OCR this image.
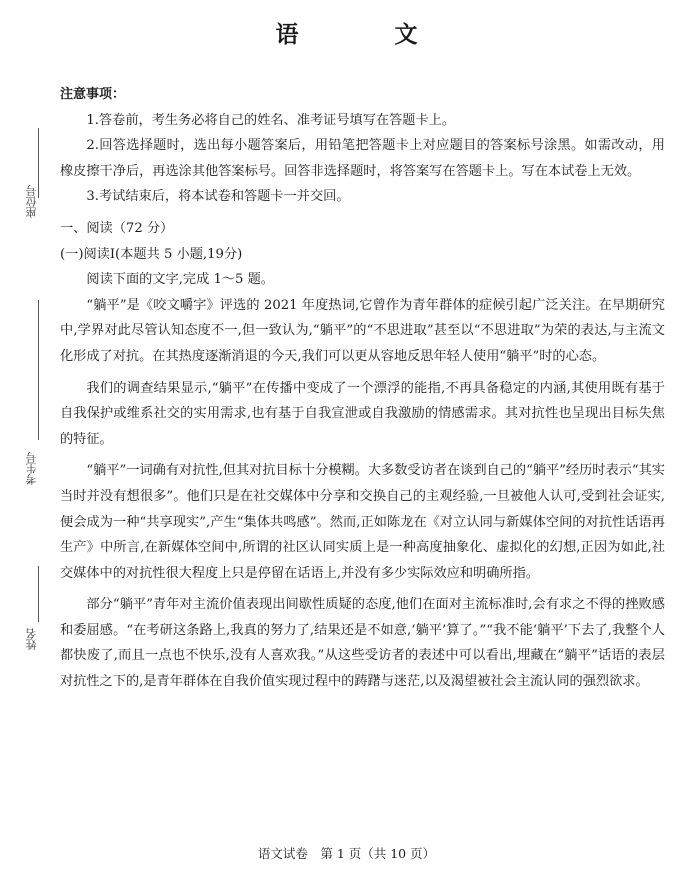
语 文
座位号
考生号
姓名

注意事项：

1.答卷前，考生务必将自己的姓名、准考证号填写在答题卡上。

2.回答选择题时，选出每小题答案后，用铅笔把答题卡上对应题目的答案标号涂黑。如需改动，用橡皮擦干净后，再选涂其他答案标号。回答非选择题时，将答案写在答题卡上。写在本试卷上无效。

3.考试结束后，将本试卷和答题卡一并交回。

一、阅读（72 分）

(一)阅读Ⅰ(本题共 5 小题,19分)

阅读下面的文字,完成 1～5 题。

“躺平”是《咬文嚼字》评选的 2021 年度热词,它曾作为青年群体的症候引起广泛关注。在早期研究中,学界对此尽管认知态度不一,但一致认为,“躺平”的“不思进取”甚至以“不思进取”为荣的表达,与主流文化形成了对抗。在其热度逐渐消退的今天,我们可以更从容地反思年轻人使用“躺平”时的心态。

我们的调查结果显示,“躺平”在传播中变成了一个漂浮的能指,不再具备稳定的内涵,其使用既有基于自我保护或维系社交的实用需求,也有基于自我宣泄或自我激励的情感需求。其对抗性也呈现出目标失焦的特征。

“躺平”一词确有对抗性,但其对抗目标十分模糊。大多数受访者在谈到自己的“躺平”经历时表示“其实当时并没有想很多”。他们只是在社交媒体中分享和交换自己的主观经验,一旦被他人认可,受到社会证实,便会成为一种“共享现实”,产生“集体共鸣感”。然而,正如陈龙在《对立认同与新媒体空间的对抗性话语再生产》中所言,在新媒体空间中,所谓的社区认同实质上是一种高度抽象化、虚拟化的幻想,正因为如此,社交媒体中的对抗性很大程度上只是停留在话语上,并没有多少实际效应和明确所指。

部分“躺平”青年对主流价值表现出间歇性质疑的态度,他们在面对主流标准时,会有求之不得的挫败感和委屈感。“在考研这条路上,我真的努力了,结果还是不如意,‘躺平’算了。”“我不能‘躺平’下去了,我整个人都快废了,而且一点也不快乐,没有人喜欢我。”从这些受访者的表述中可以看出,埋藏在“躺平”话语的表层对抗性之下的,是青年群体在自我价值实现过程中的踌躇与迷茫,以及渴望被社会主流认同的强烈欲求。

语文试卷　第 1 页（共 10 页）
